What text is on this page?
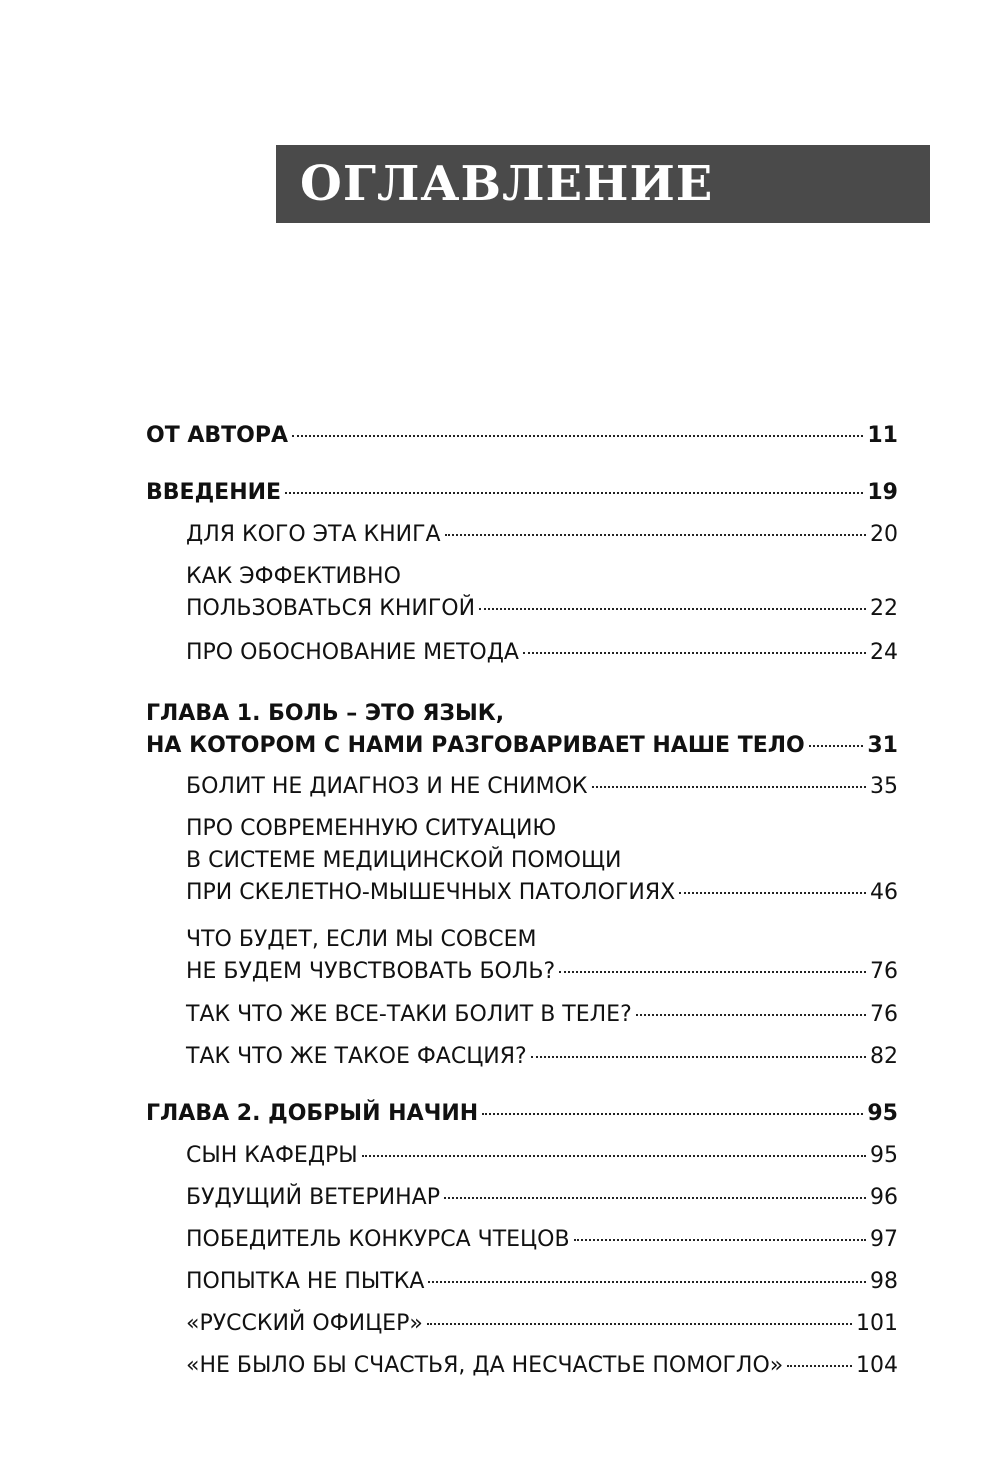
ОГЛАВЛЕНИЕ
ОТ АВТОРА	11
ВВЕДЕНИЕ	19
ДЛЯ КОГО ЭТА КНИГА	20
КАК ЭФФЕКТИВНО
ПОЛЬЗОВАТЬСЯ КНИГОЙ	22
ПРО ОБОСНОВАНИЕ МЕТОДА	24
ГЛАВА 1. БОЛЬ – ЭТО ЯЗЫК,
НА КОТОРОМ С НАМИ РАЗГОВАРИВАЕТ НАШЕ ТЕЛО	31
БОЛИТ НЕ ДИАГНОЗ И НЕ СНИМОК	35
ПРО СОВРЕМЕННУЮ СИТУАЦИЮ
В СИСТЕМЕ МЕДИЦИНСКОЙ ПОМОЩИ
ПРИ СКЕЛЕТНО-МЫШЕЧНЫХ ПАТОЛОГИЯХ	46
ЧТО БУДЕТ, ЕСЛИ МЫ СОВСЕМ
НЕ БУДЕМ ЧУВСТВОВАТЬ БОЛЬ?	76
ТАК ЧТО ЖЕ ВСЕ-ТАКИ БОЛИТ В ТЕЛЕ?	76
ТАК ЧТО ЖЕ ТАКОЕ ФАСЦИЯ?	82
ГЛАВА 2. ДОБРЫЙ НАЧИН	95
СЫН КАФЕДРЫ	95
БУДУЩИЙ ВЕТЕРИНАР	96
ПОБЕДИТЕЛЬ КОНКУРСА ЧТЕЦОВ	97
ПОПЫТКА НЕ ПЫТКА	98
«РУССКИЙ ОФИЦЕР»	101
«НЕ БЫЛО БЫ СЧАСТЬЯ, ДА НЕСЧАСТЬЕ ПОМОГЛО»	104
